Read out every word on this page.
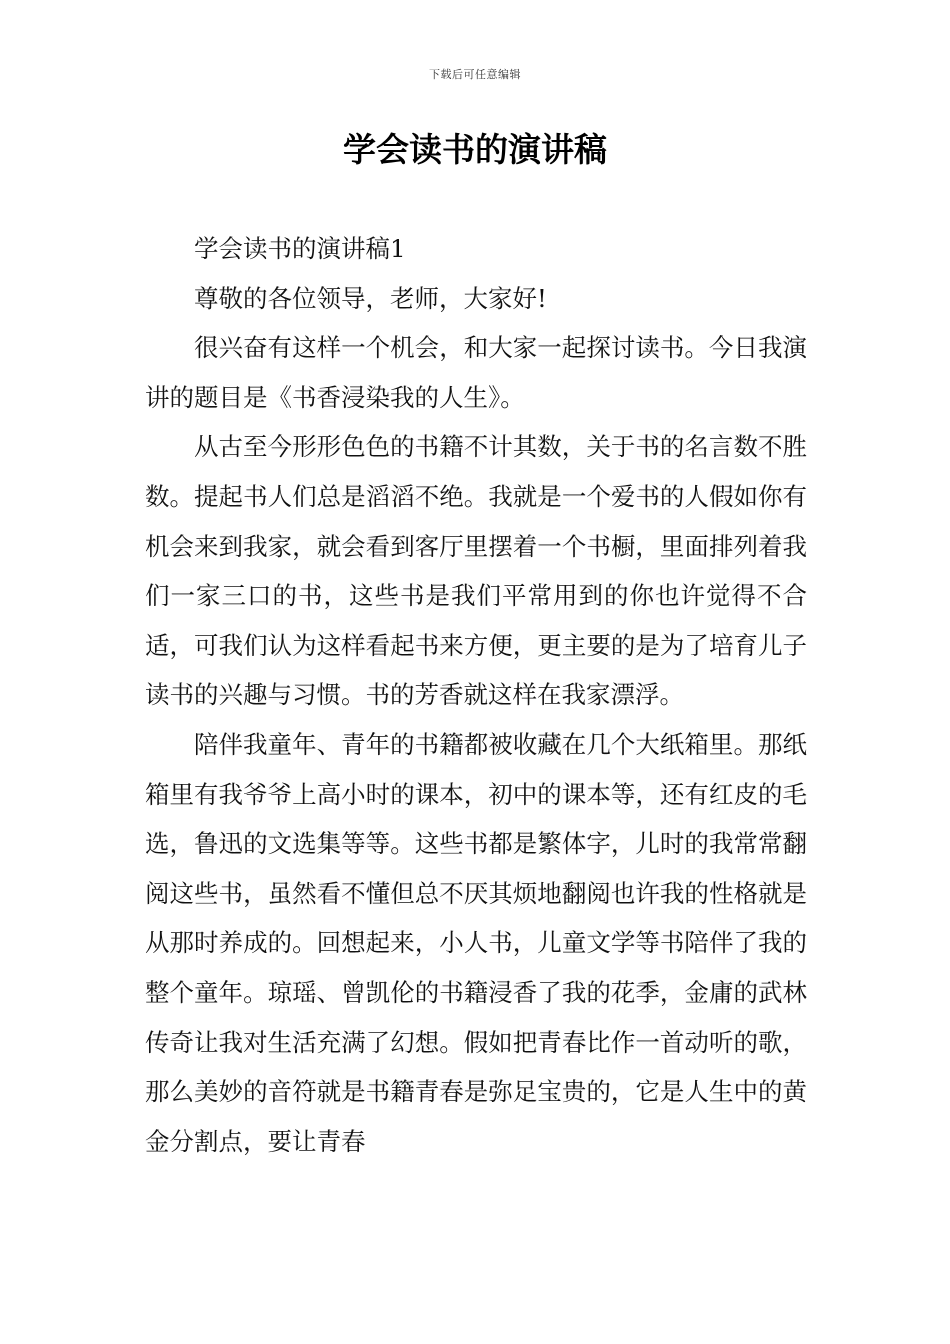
下载后可任意编辑
学会读书的演讲稿

学会读书的演讲稿1

尊敬的各位领导，老师，大家好!

很兴奋有这样一个机会，和大家一起探讨读书。今日我演讲的题目是《书香浸染我的人生》。

从古至今形形色色的书籍不计其数，关于书的名言数不胜数。提起书人们总是滔滔不绝。我就是一个爱书的人假如你有机会来到我家，就会看到客厅里摆着一个书橱，里面排列着我们一家三口的书，这些书是我们平常用到的你也许觉得不合适，可我们认为这样看起书来方便，更主要的是为了培育儿子读书的兴趣与习惯。书的芳香就这样在我家漂浮。

陪伴我童年、青年的书籍都被收藏在几个大纸箱里。那纸箱里有我爷爷上高小时的课本，初中的课本等，还有红皮的毛选，鲁迅的文选集等等。这些书都是繁体字，儿时的我常常翻阅这些书，虽然看不懂但总不厌其烦地翻阅也许我的性格就是从那时养成的。回想起来，小人书，儿童文学等书陪伴了我的整个童年。琼瑶、曾凯伦的书籍浸香了我的花季，金庸的武林传奇让我对生活充满了幻想。假如把青春比作一首动听的歌，那么美妙的音符就是书籍青春是弥足宝贵的，它是人生中的黄金分割点，要让青春
